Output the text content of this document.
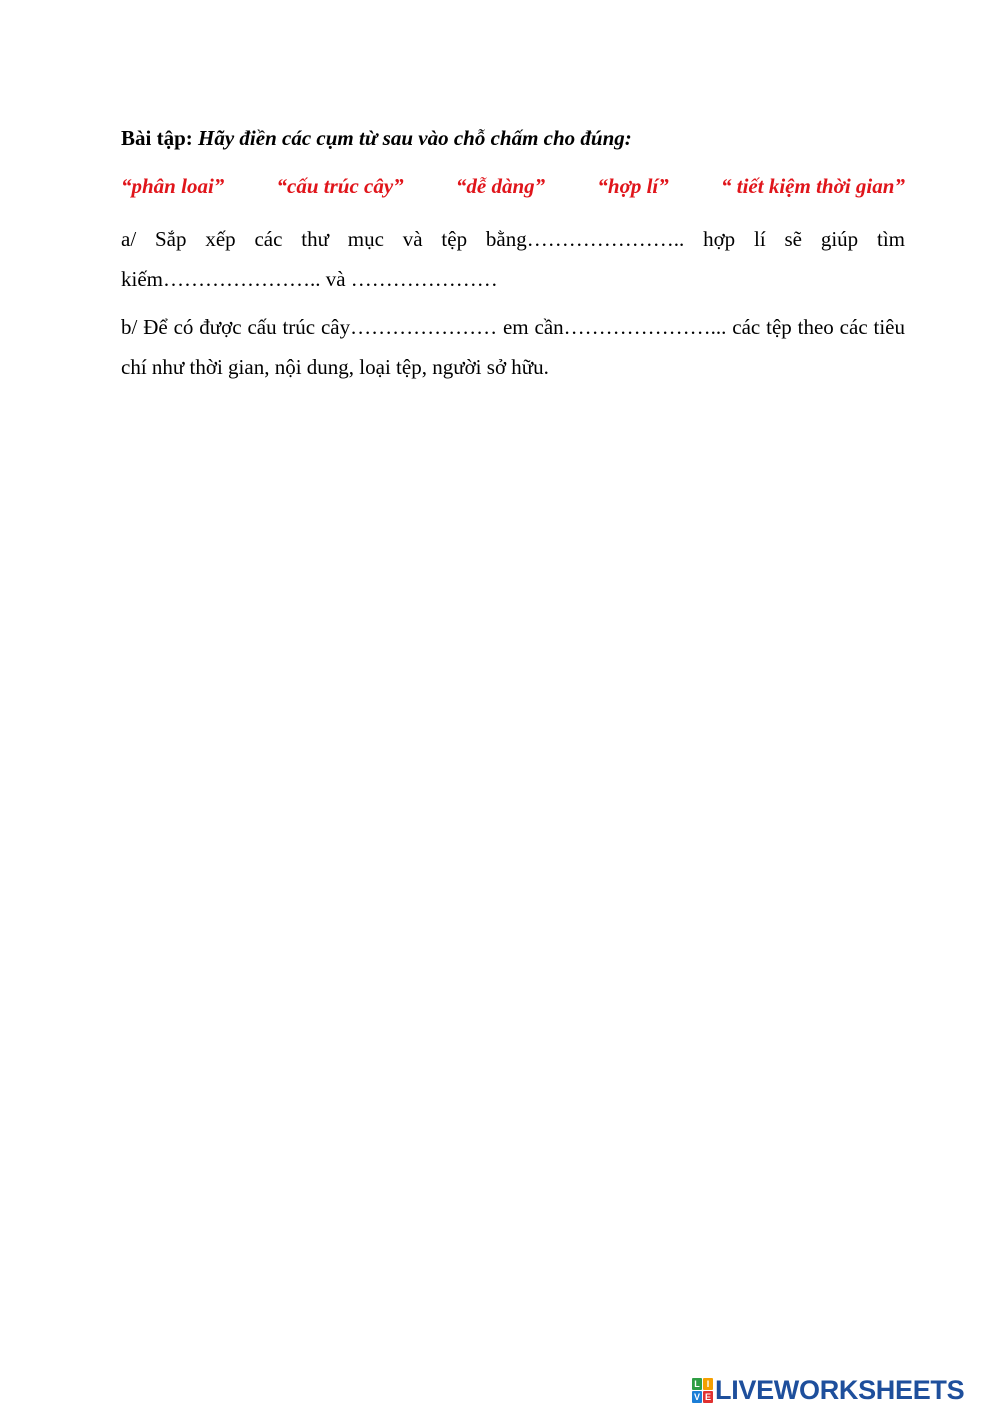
Bài tập: Hãy điền các cụm từ sau vào chỗ chấm cho đúng:

“phân loai” “cấu trúc cây” “dễ dàng” “hợp lí” “ tiết kiệm thời gian”

a/ Sắp xếp các thư mục và tệp bằng………………….. hợp lí sẽ giúp tìm kiếm………………….. và …………………

b/ Để có được cấu trúc cây………………… em cần…………………... các tệp theo các tiêu chí như thời gian, nội dung, loại tệp, người sở hữu.

L I
V E LIVEWORKSHEETS
